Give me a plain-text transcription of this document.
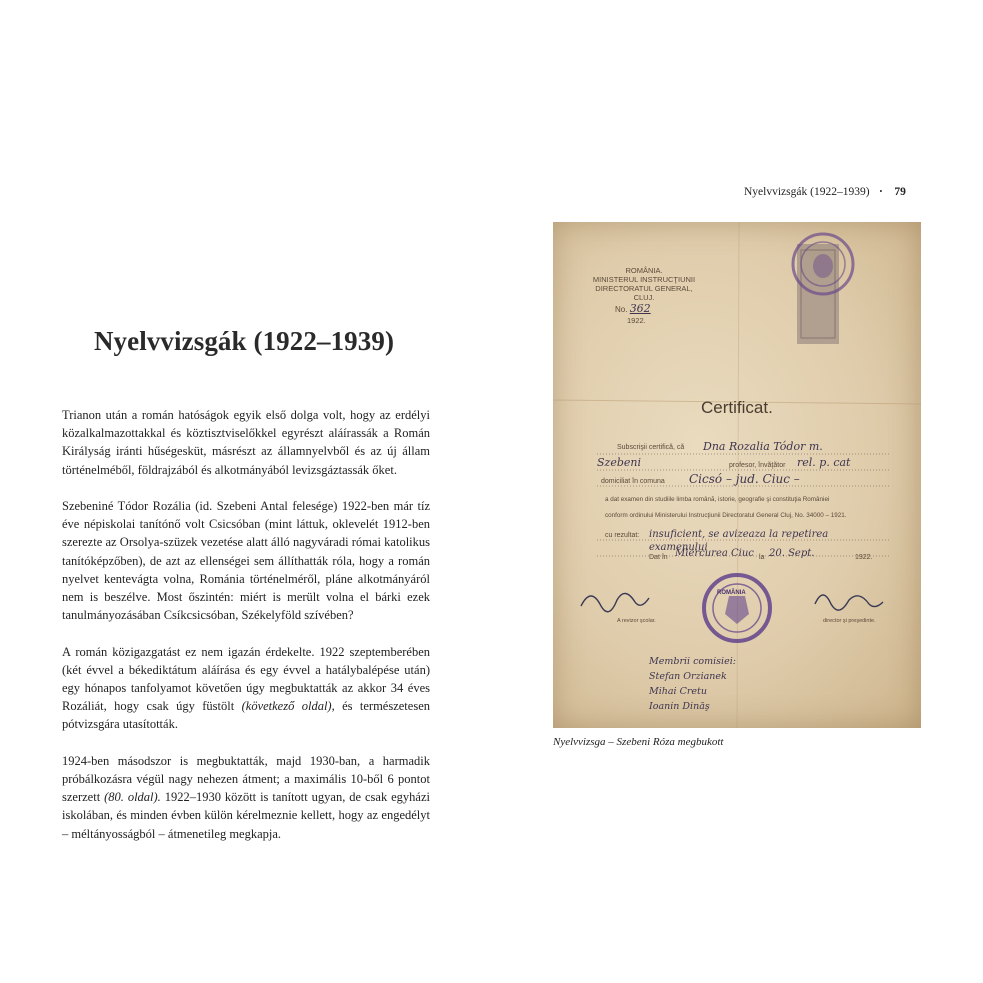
Nyelvvizsgák (1922–1939) • 79
Nyelvvizsgák (1922–1939)

Trianon után a román hatóságok egyik első dolga volt, hogy az erdélyi közalkalmazottakkal és köztisztviselőkkel egyrészt aláírassák a Román Királyság iránti hűségesküt, másrészt az államnyelvből és az új állam történelméből, földrajzából és alkotmányából levizsgáztassák őket.

Szebeniné Tódor Rozália (id. Szebeni Antal felesége) 1922-ben már tíz éve népiskolai tanítónő volt Csicsóban (mint láttuk, oklevelét 1912-ben szerezte az Orsolya-szüzek vezetése alatt álló nagyváradi római katolikus tanítóképzőben), de azt az ellenségei sem állíthatták róla, hogy a román nyelvet kentevágta volna, Románia történelméről, pláne alkotmányáról nem is beszélve. Most őszintén: miért is merült volna el bárki ezek tanulmányozásában Csíkcsicsóban, Székelyföld szívében?

A román közigazgatást ez nem igazán érdekelte. 1922 szeptemberében (két évvel a békediktátum aláírása és egy évvel a hatálybalépése után) egy hónapos tanfolyamot követően úgy megbuktatták az akkor 34 éves Rozáliát, hogy csak úgy füstölt (következő oldal), és természetesen pótvizsgára utasították.

1924-ben másodszor is megbuktatták, majd 1930-ban, a harmadik próbálkozásra végül nagy nehezen átment; a maximális 10-ből 6 pontot szerzett (80. oldal). 1922–1930 között is tanított ugyan, de csak egyházi iskolában, és minden évben külön kérelmeznie kellett, hogy az engedélyt – méltányosságból – átmenetileg megkapja.

ROMÂNIA.
MINISTERUL INSTRUCŢIUNII
DIRECTORATUL GENERAL, CLUJ.
No. 362
1922.
Certificat.
Subscrişii certifică, că Dna Rozalia Tódor m.
Szebeni	profesor, învăţător rel. p. cat
domiciliat în comuna Cicsó – jud. Ciuc –
a dat examen din studiile limba română, istorie, geografie şi constituţia României
conform ordinului Ministerului Instrucţiunii Directoratul General Cluj, No. 34000 – 1921.
cu rezultat: insuficient, se avizeaza la repetirea examenului
Dat în Miercurea Ciuc la 20. Sept.	1922.
ROMÂNIA
A revizor şcolar.	director şi preşedinte.
Membrii comisiei:
Stefan Orzianek
Mihai Cretu
Ioanin Dinăş
Nyelvvizsga – Szebeni Róza megbukott
